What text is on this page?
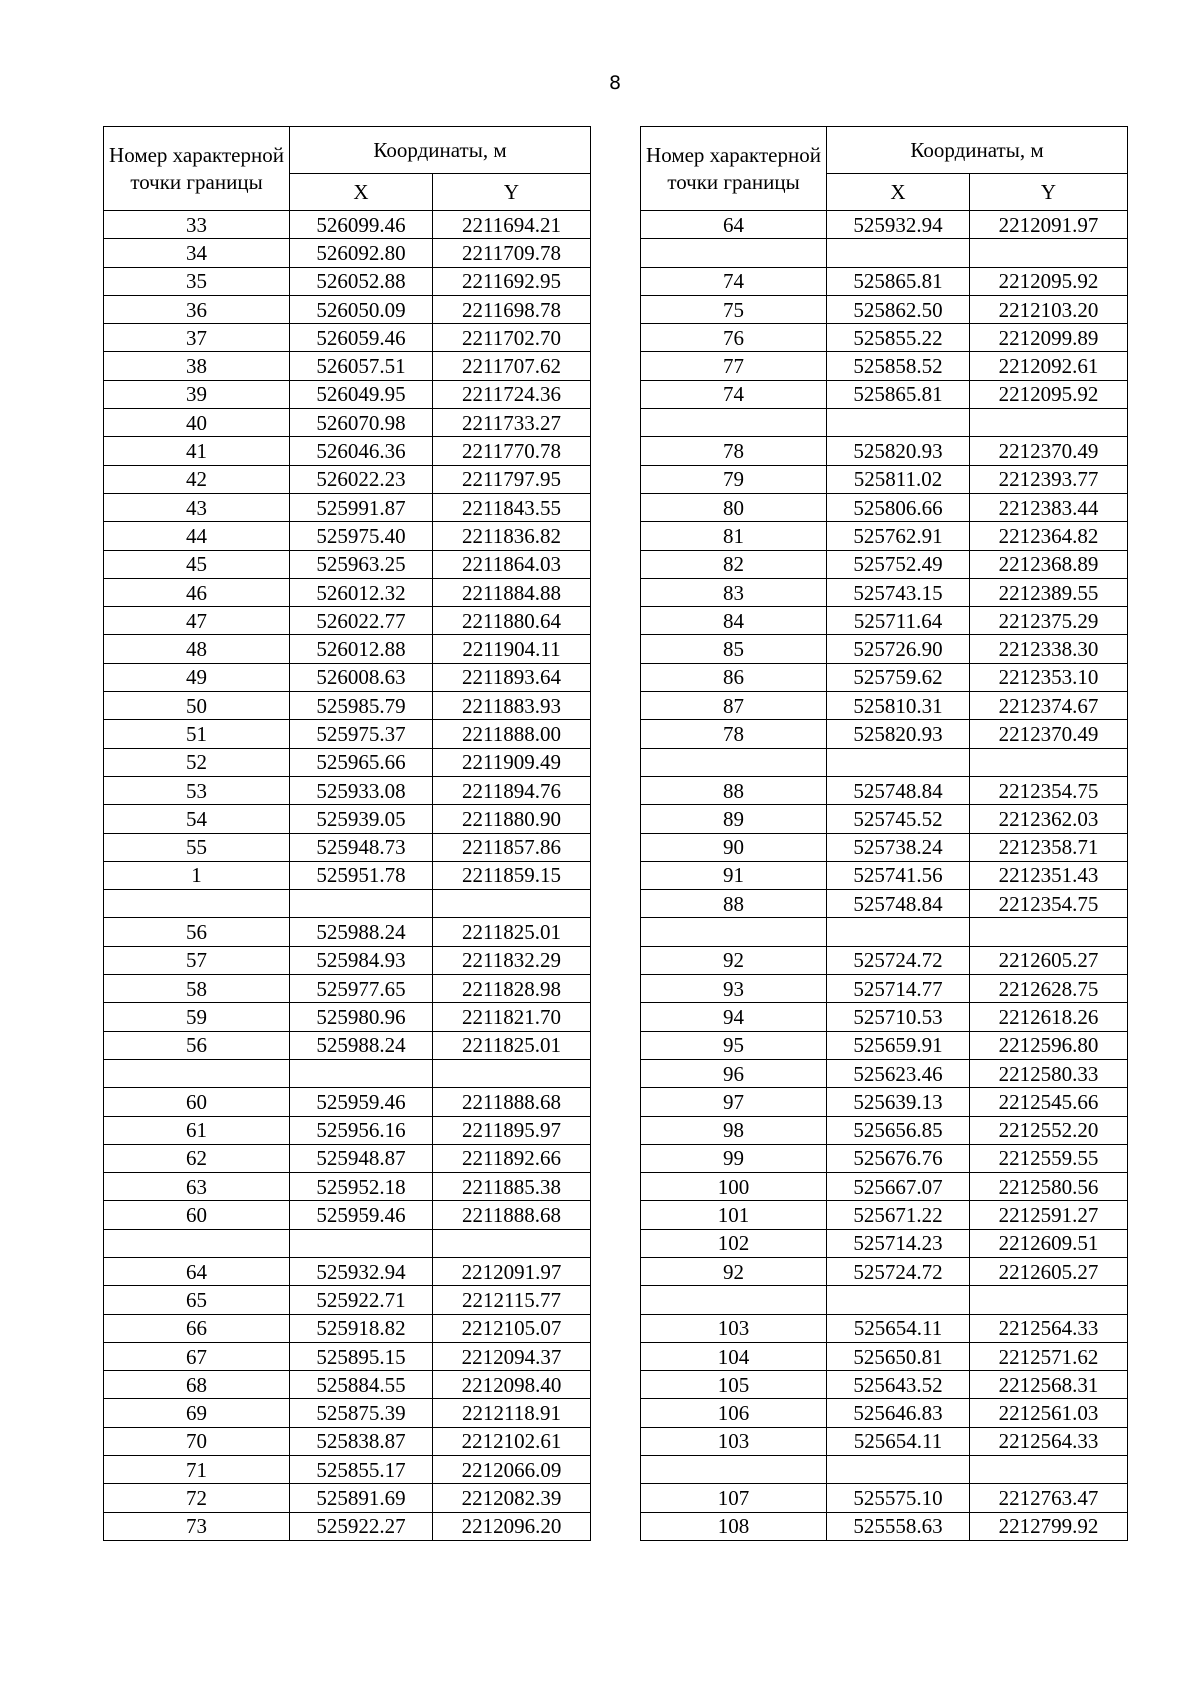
8
Номер характерной точки границы	Координаты, м	
	X	Y
33	526099.46	2211694.21
34	526092.80	2211709.78
35	526052.88	2211692.95
36	526050.09	2211698.78
37	526059.46	2211702.70
38	526057.51	2211707.62
39	526049.95	2211724.36
40	526070.98	2211733.27
41	526046.36	2211770.78
42	526022.23	2211797.95
43	525991.87	2211843.55
44	525975.40	2211836.82
45	525963.25	2211864.03
46	526012.32	2211884.88
47	526022.77	2211880.64
48	526012.88	2211904.11
49	526008.63	2211893.64
50	525985.79	2211883.93
51	525975.37	2211888.00
52	525965.66	2211909.49
53	525933.08	2211894.76
54	525939.05	2211880.90
55	525948.73	2211857.86
1	525951.78	2211859.15

56	525988.24	2211825.01
57	525984.93	2211832.29
58	525977.65	2211828.98
59	525980.96	2211821.70
56	525988.24	2211825.01

60	525959.46	2211888.68
61	525956.16	2211895.97
62	525948.87	2211892.66
63	525952.18	2211885.38
60	525959.46	2211888.68

64	525932.94	2212091.97
65	525922.71	2212115.77
66	525918.82	2212105.07
67	525895.15	2212094.37
68	525884.55	2212098.40
69	525875.39	2212118.91
70	525838.87	2212102.61
71	525855.17	2212066.09
72	525891.69	2212082.39
73	525922.27	2212096.20
Номер характерной точки границы	Координаты, м	
	X	Y
64	525932.94	2212091.97

74	525865.81	2212095.92
75	525862.50	2212103.20
76	525855.22	2212099.89
77	525858.52	2212092.61
74	525865.81	2212095.92

78	525820.93	2212370.49
79	525811.02	2212393.77
80	525806.66	2212383.44
81	525762.91	2212364.82
82	525752.49	2212368.89
83	525743.15	2212389.55
84	525711.64	2212375.29
85	525726.90	2212338.30
86	525759.62	2212353.10
87	525810.31	2212374.67
78	525820.93	2212370.49

88	525748.84	2212354.75
89	525745.52	2212362.03
90	525738.24	2212358.71
91	525741.56	2212351.43
88	525748.84	2212354.75

92	525724.72	2212605.27
93	525714.77	2212628.75
94	525710.53	2212618.26
95	525659.91	2212596.80
96	525623.46	2212580.33
97	525639.13	2212545.66
98	525656.85	2212552.20
99	525676.76	2212559.55
100	525667.07	2212580.56
101	525671.22	2212591.27
102	525714.23	2212609.51
92	525724.72	2212605.27

103	525654.11	2212564.33
104	525650.81	2212571.62
105	525643.52	2212568.31
106	525646.83	2212561.03
103	525654.11	2212564.33

107	525575.10	2212763.47
108	525558.63	2212799.92
